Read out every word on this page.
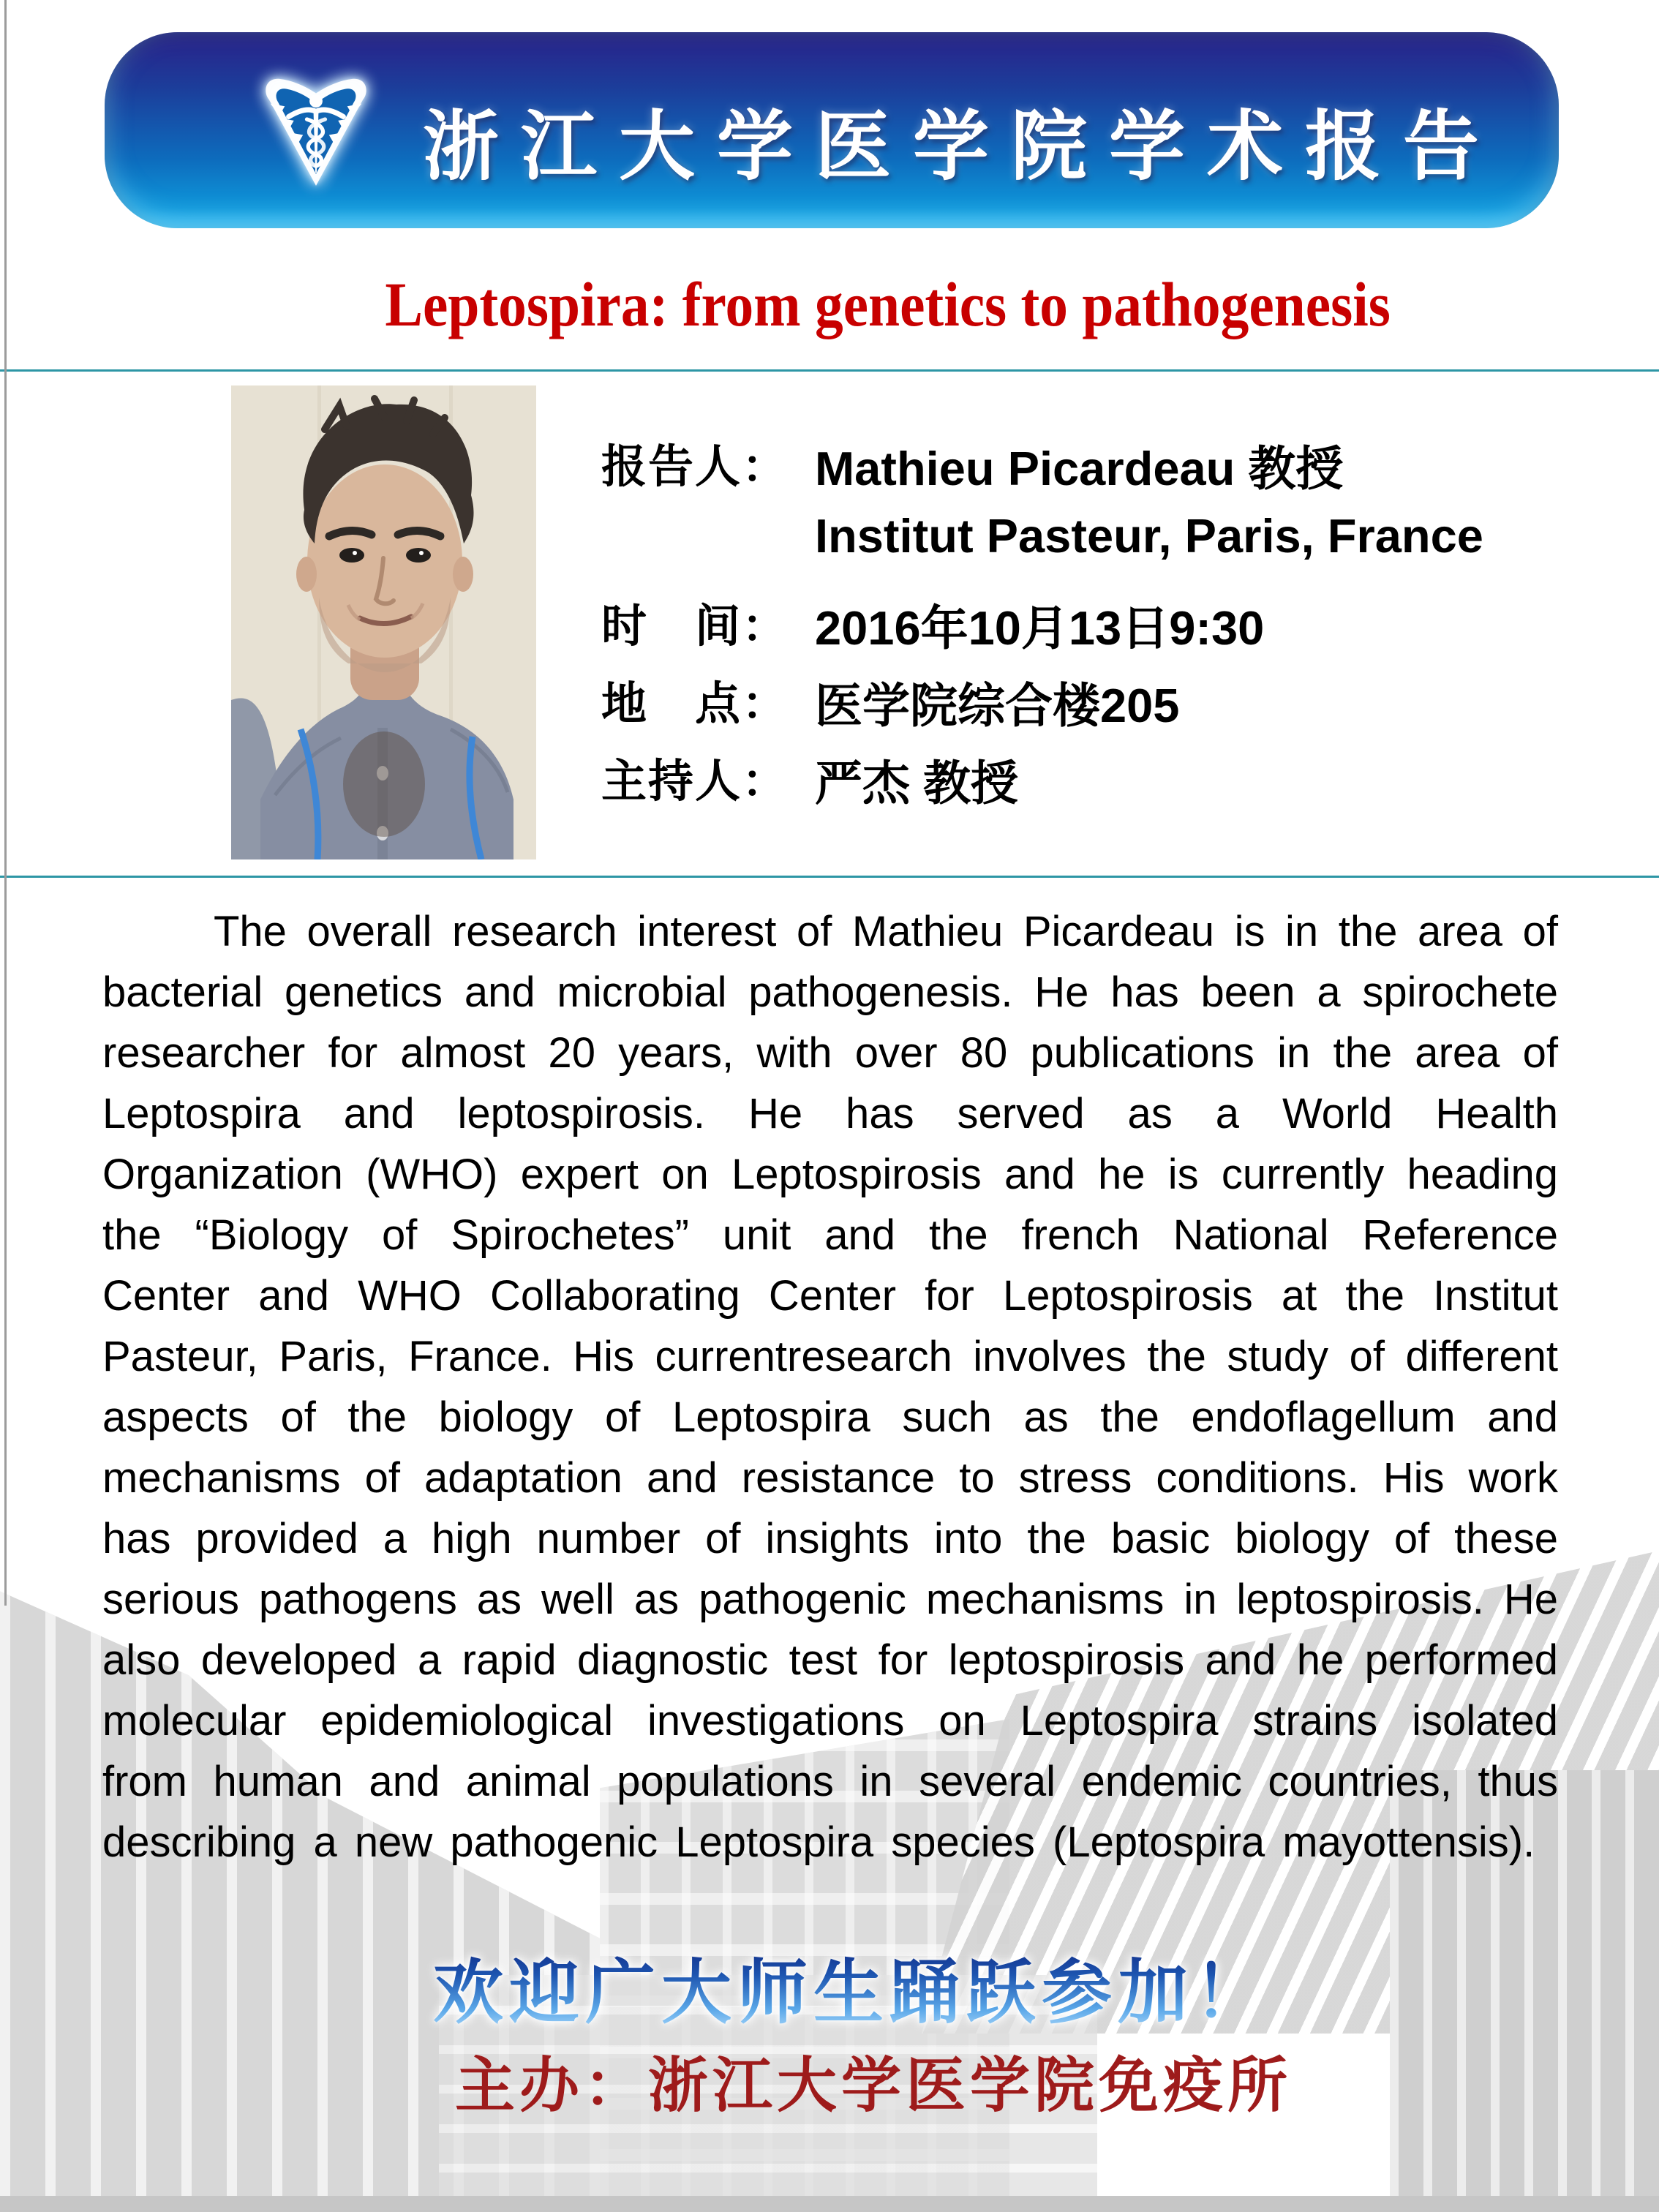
浙江大学医学院学术报告
Leptospira: from genetics to pathogenesis
报告人： Mathieu Picardeau 教授
Institut Pasteur, Paris, France
时　间： 2016年10月13日9:30
地　点： 医学院综合楼205
主持人： 严杰 教授

The overall research interest of Mathieu Picardeau is in the area of bacterial genetics and microbial pathogenesis. He has been a spirochete researcher for almost 20 years, with over 80 publications in the area of Leptospira and leptospirosis. He has served as a World Health Organization (WHO) expert on Leptospirosis and he is currently heading the “Biology of Spirochetes” unit and the french National Reference Center and WHO Collaborating Center for Leptospirosis at the Institut Pasteur, Paris, France. His currentresearch involves the study of different aspects of the biology of Leptospira such as the endoflagellum and mechanisms of adaptation and resistance to stress conditions. His work has provided a high number of insights into the basic biology of these serious pathogens as well as pathogenic mechanisms in leptospirosis. He also developed a rapid diagnostic test for leptospirosis and he performed molecular epidemiological investigations on Leptospira strains isolated from human and animal populations in several endemic countries, thus describing a new pathogenic Leptospira species (Leptospira mayottensis).

欢迎广大师生踊跃参加！
主办：浙江大学医学院免疫所
